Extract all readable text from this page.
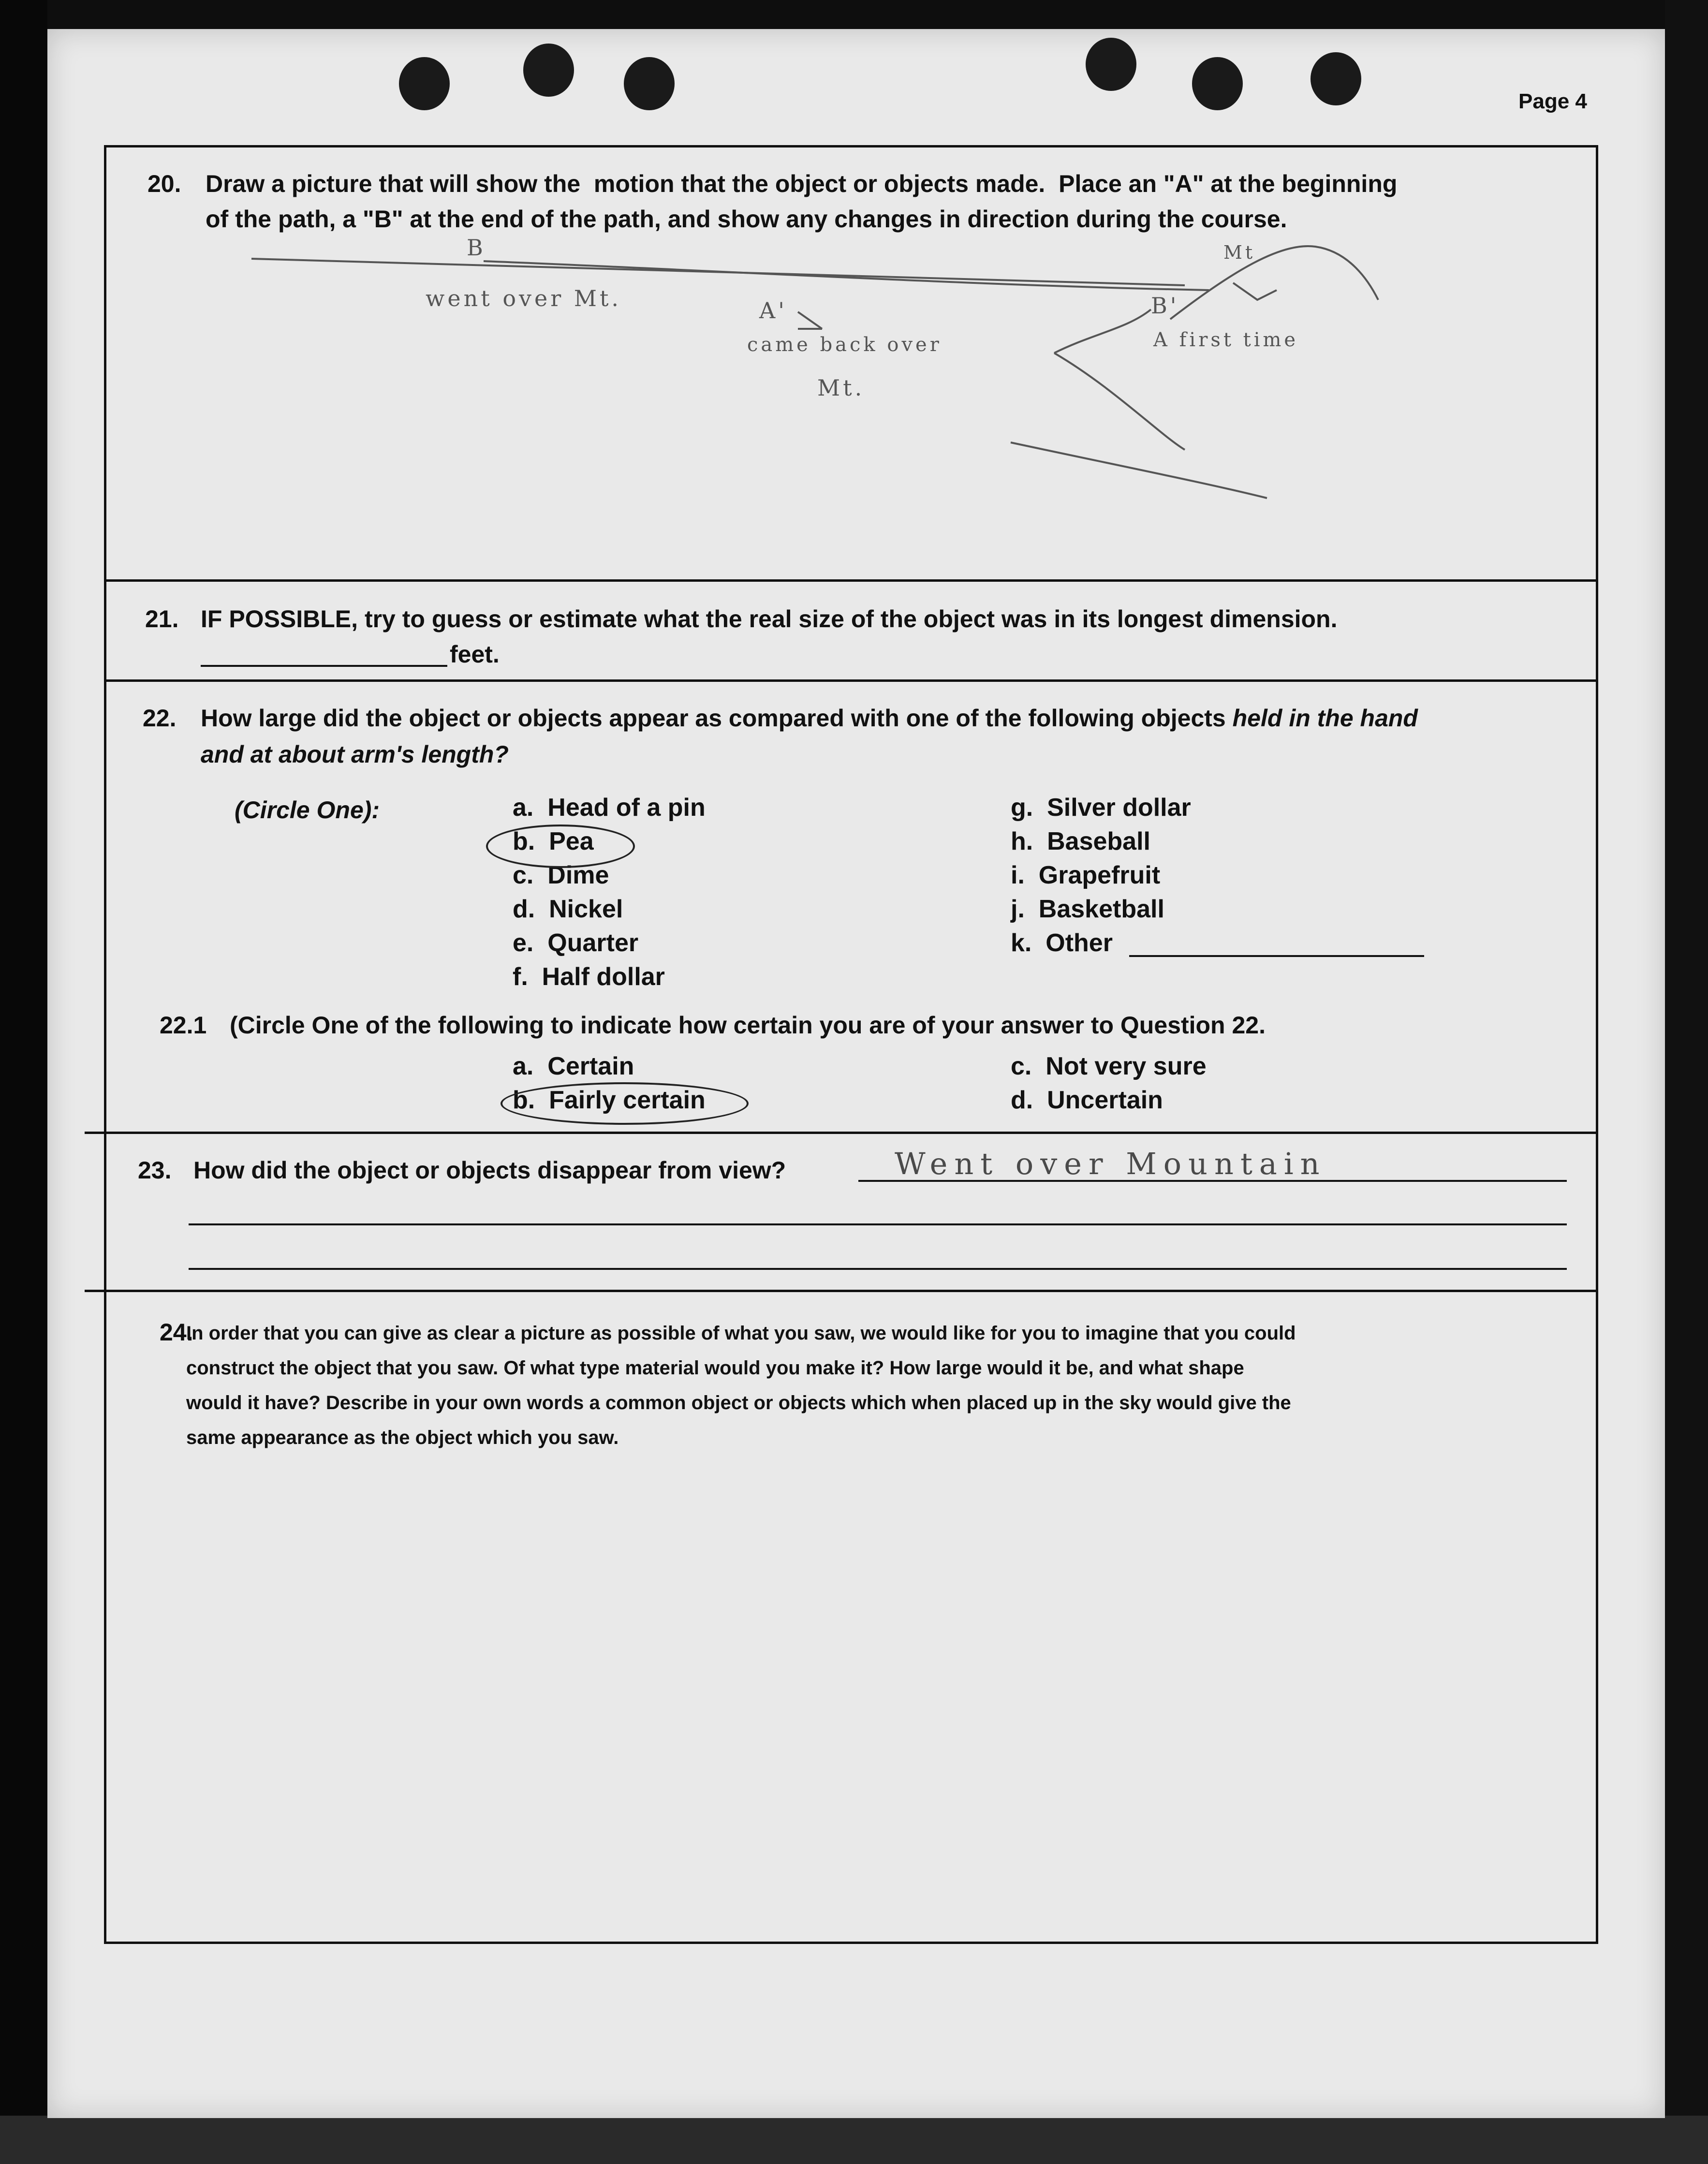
Page 4
20. Draw a picture that will show the  motion that the object or objects made.  Place an "A" at the beginning
of the path, a "B" at the end of the path, and show any changes in direction during the course.
B
went over Mt.	A'
came back over
Mt.
Mt
B'
A first time
21. IF POSSIBLE, try to guess or estimate what the real size of the object was in its longest dimension.
feet.
22. How large did the object or objects appear as compared with one of the following objects held in the hand
and at about arm's length?
(Circle One):	a.  Head of a pin
b.  Pea
c.  Dime
d.  Nickel
e.  Quarter
f.  Half dollar
g.  Silver dollar
h.  Baseball
i.  Grapefruit
j.  Basketball
k.  Other
22.1 (Circle One of the following to indicate how certain you are of your answer to Question 22.
a.  Certain
b.  Fairly certain
c.  Not very sure
d.  Uncertain
23. How did the object or objects disappear from view?	Went over Mountain
24.
In order that you can give as clear a picture as possible of what you saw, we would like for you to imagine that you could
construct the object that you saw. Of what type material would you make it? How large would it be, and what shape
would it have? Describe in your own words a common object or objects which when placed up in the sky would give the
same appearance as the object which you saw.
